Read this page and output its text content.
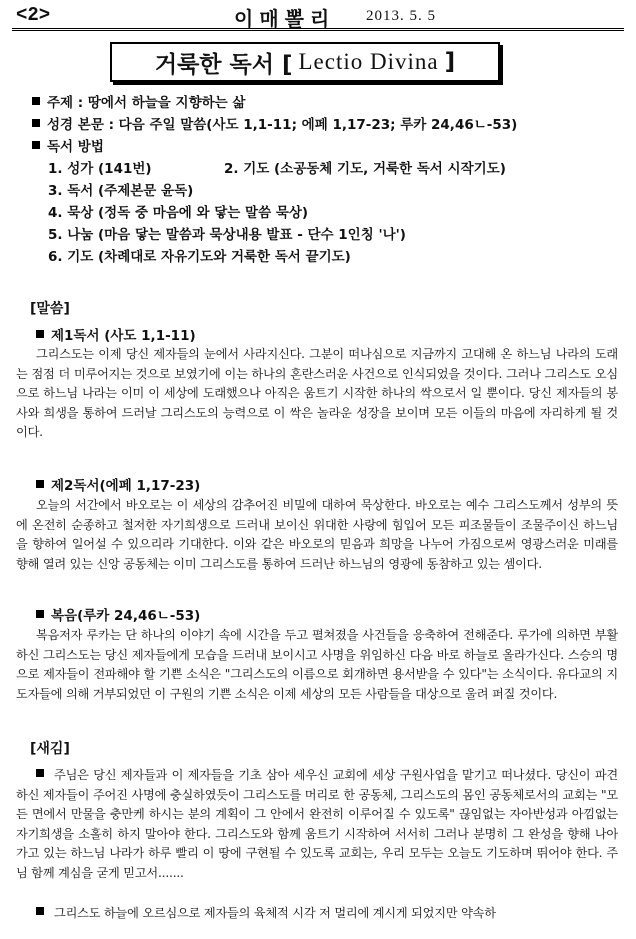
<2>	이매뽈리 2013. 5. 5
거룩한 독서 [ Lectio Divina ]
주제 : 땅에서 하늘을 지향하는 삶
성경 본문 : 다음 주일 말씀(사도 1,1-11; 에페 1,17-23; 루카 24,46ㄴ-53)
독서 방법
1. 성가 (141번)	2. 기도 (소공동체 기도, 거룩한 독서 시작기도)
3. 독서 (주제본문 윤독)
4. 묵상 (정독 중 마음에 와 닿는 말씀 묵상)
5. 나눔 (마음 닿는 말씀과 묵상내용 발표 - 단수 1인칭 '나')
6. 기도 (차례대로 자유기도와 거룩한 독서 끝기도)
[말씀]
제1독서 (사도 1,1-11)
그리스도는 이제 당신 제자들의 눈에서 사라지신다. 그분이 떠나심으로 지금까지 고대해 온 하느님 나라의 도래는 점점 더 미루어지는 것으로 보였기에 이는 하나의 혼란스러운 사건으로 인식되었을 것이다. 그러나 그리스도 오심으로 하느님 나라는 이미 이 세상에 도래했으나 아직은 움트기 시작한 하나의 싹으로서 일 뿐이다. 당신 제자들의 봉사와 희생을 통하여 드러날 그리스도의 능력으로 이 싹은 놀라운 성장을 보이며 모든 이들의 마음에 자리하게 될 것이다.
제2독서(에페 1,17-23)
오늘의 서간에서 바오로는 이 세상의 감추어진 비밀에 대하여 묵상한다. 바오로는 예수 그리스도께서 성부의 뜻에 온전히 순종하고 철저한 자기희생으로 드러내 보이신 위대한 사랑에 힘입어 모든 피조물들이 조물주이신 하느님을 향하여 일어설 수 있으리라 기대한다. 이와 같은 바오로의 믿음과 희망을 나누어 가짐으로써 영광스러운 미래를 향해 열려 있는 신앙 공동체는 이미 그리스도를 통하여 드러난 하느님의 영광에 동참하고 있는 셈이다.
복음(루카 24,46ㄴ-53)
복음저자 루카는 단 하나의 이야기 속에 시간을 두고 펼쳐졌을 사건들을 응축하여 전해준다. 루가에 의하면 부활하신 그리스도는 당신 제자들에게 모습을 드러내 보이시고 사명을 위임하신 다음 바로 하늘로 올라가신다. 스승의 명으로 제자들이 전파해야 할 기쁜 소식은 "그리스도의 이름으로 회개하면 용서받을 수 있다"는 소식이다. 유다교의 지도자들에 의해 거부되었던 이 구원의 기쁜 소식은 이제 세상의 모든 사람들을 대상으로 울려 퍼질 것이다.
[새김]
주님은 당신 제자들과 이 제자들을 기초 삼아 세우신 교회에 세상 구원사업을 맡기고 떠나셨다. 당신이 파견하신 제자들이 주어진 사명에 충실하였듯이 그리스도를 머리로 한 공동체, 그리스도의 몸인 공동체로서의 교회는 "모든 면에서 만물을 충만케 하시는 분의 계획이 그 안에서 완전히 이루어질 수 있도록" 끊임없는 자아반성과 아낌없는 자기희생을 소홀히 하지 말아야 한다. 그리스도와 함께 움트기 시작하여 서서히 그러나 분명히 그 완성을 향해 나아가고 있는 하느님 나라가 하루 빨리 이 땅에 구현될 수 있도록 교회는, 우리 모두는 오늘도 기도하며 뛰어야 한다. 주님 함께 계심을 굳게 믿고서.......
그리스도 하늘에 오르심으로 제자들의 육체적 시각 저 멀리에 계시게 되었지만 약속하
